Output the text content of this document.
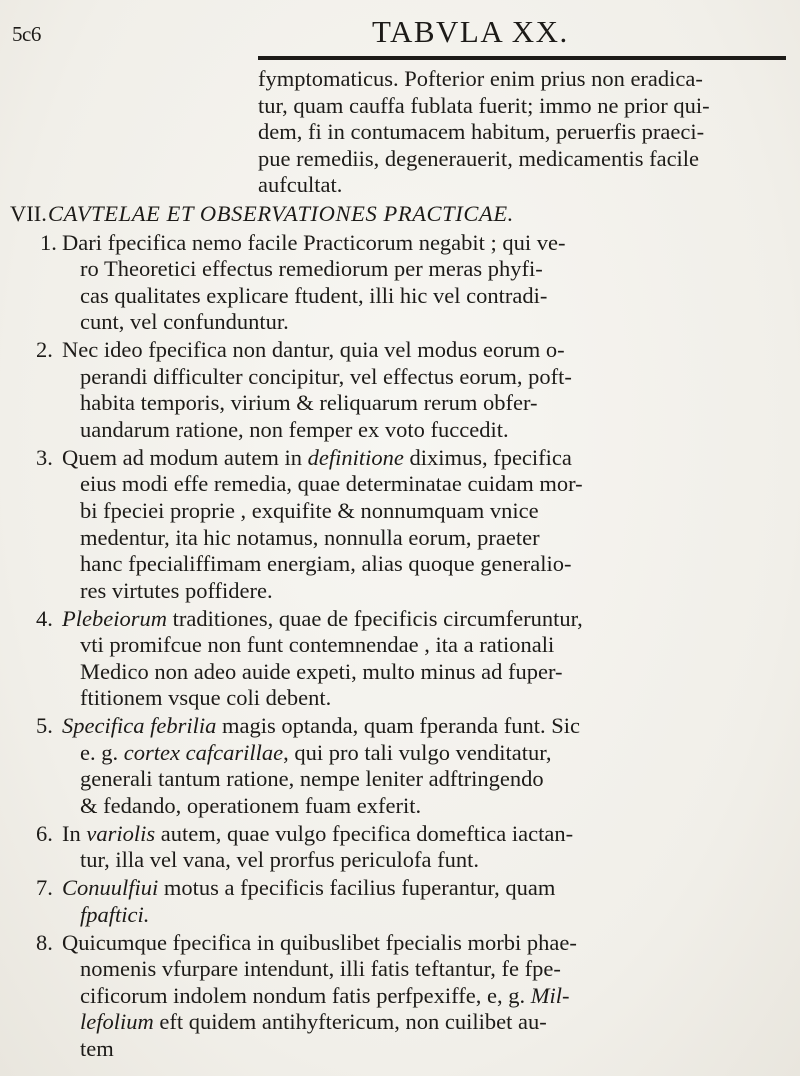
5c6	TABVLA XX.
fymptomaticus. Pofterior enim prius non eradica-
tur, quam cauffa fublata fuerit; immo ne prior qui-
dem, fi in contumacem habitum, peruerfis praeci-
pue remediis, degenerauerit, medicamentis facile
aufcultat.
VII. CAVTELAE ET OBSERVATIONES PRACTICAE.
1. Dari fpecifica nemo facile Practicorum negabit ; qui ve-
ro Theoretici effectus remediorum per meras phyfi-
cas qualitates explicare ftudent, illi hic vel contradi-
cunt, vel confunduntur.
2. Nec ideo fpecifica non dantur, quia vel modus eorum o-
perandi difficulter concipitur, vel effectus eorum, poft-
habita temporis, virium & reliquarum rerum obfer-
uandarum ratione, non femper ex voto fuccedit.
3. Quem ad modum autem in definitione diximus, fpecifica
eius modi effe remedia, quae determinatae cuidam mor-
bi fpeciei proprie , exquifite & nonnumquam vnice
medentur, ita hic notamus, nonnulla eorum, praeter
hanc fpecialiffimam energiam, alias quoque generalio-
res virtutes poffidere.
4. Plebeiorum traditiones, quae de fpecificis circumferuntur,
vti promifcue non funt contemnendae , ita a rationali
Medico non adeo auide expeti, multo minus ad fuper-
ftitionem vsque coli debent.
5. Specifica febrilia magis optanda, quam fperanda funt. Sic
e. g. cortex cafcarillae, qui pro tali vulgo venditatur,
generali tantum ratione, nempe leniter adftringendo
& fedando, operationem fuam exferit.
6. In variolis autem, quae vulgo fpecifica domeftica iactan-
tur, illa vel vana, vel prorfus periculofa funt.
7. Conuulfiui motus a fpecificis facilius fuperantur, quam
fpaftici.
8. Quicumque fpecifica in quibuslibet fpecialis morbi phae-
nomenis vfurpare intendunt, illi fatis teftantur, fe fpe-
cificorum indolem nondum fatis perfpexiffe, e, g. Mil-
lefolium eft quidem antihyftericum, non cuilibet au-
tem
